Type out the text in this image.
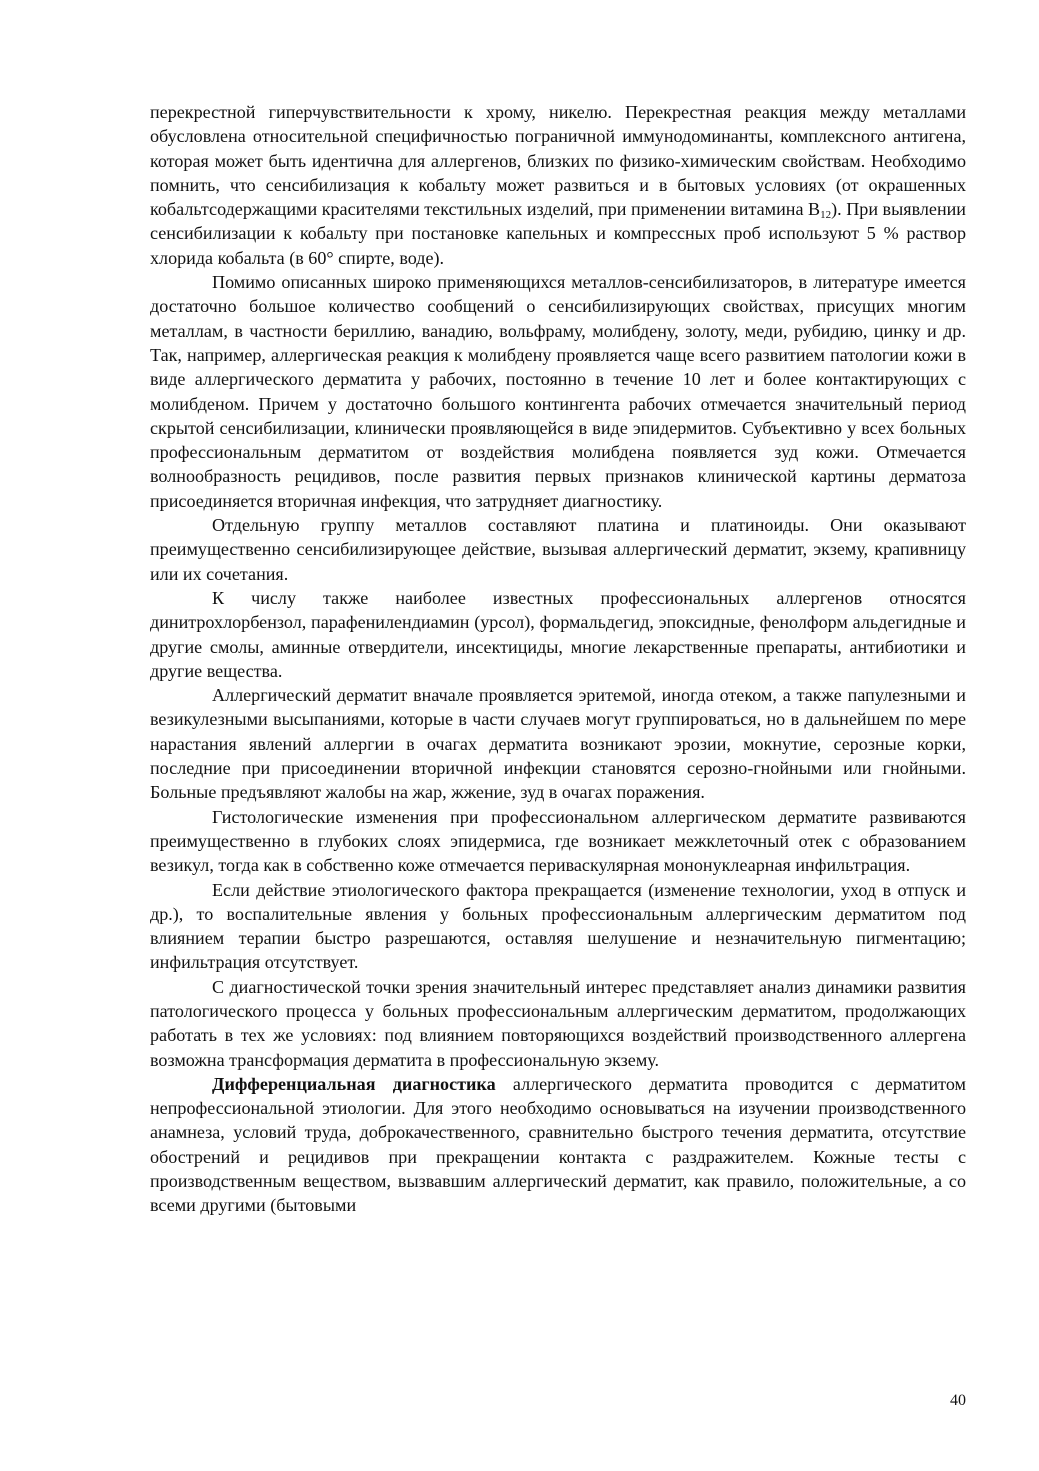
перекрестной гиперчувствительности к хрому, никелю. Перекрестная реакция между металлами обусловлена относительной специфичностью пограничной иммунодоминанты, комплексного антигена, которая может быть идентична для аллергенов, близких по физико-химическим свойствам. Необходимо помнить, что сенсибилизация к кобальту может развиться и в бытовых условиях (от окрашенных кобальтсодержащими красителями текстильных изделий, при применении витамина $В_{12}$). При выявлении сенсибилизации к кобальту при постановке капельных и компрессных проб используют 5 % раствор хлорида кобальта (в 60° спирте, воде).

Помимо описанных широко применяющихся металлов-сенсибилизаторов, в литературе имеется достаточно большое количество сообщений о сенсибилизирующих свойствах, присущих многим металлам, в частности бериллию, ванадию, вольфраму, молибдену, золоту, меди, рубидию, цинку и др. Так, например, аллергическая реакция к молибдену проявляется чаще всего развитием патологии кожи в виде аллергического дерматита у рабочих, постоянно в течение 10 лет и более контактирующих с молибденом. Причем у достаточно большого контингента рабочих отмечается значительный период скрытой сенсибилизации, клинически проявляющейся в виде эпидермитов. Субъективно у всех больных профессиональным дерматитом от воздействия молибдена появляется зуд кожи. Отмечается волнообразность рецидивов, после развития первых признаков клинической картины дерматоза присоединяется вторичная инфекция, что затрудняет диагностику.

Отдельную группу металлов составляют платина и платиноиды. Они оказывают преимущественно сенсибилизирующее действие, вызывая аллергический дерматит, экзему, крапивницу или их сочетания.

К числу также наиболее известных профессиональных аллергенов относятся динитрохлорбензол, парафенилендиамин (урсол), формальдегид, эпоксидные, фенолформ альдегидные и другие смолы, аминные отвердители, инсектициды, многие лекарственные препараты, антибиотики и другие вещества.

Аллергический дерматит вначале проявляется эритемой, иногда отеком, а также папулезными и везикулезными высыпаниями, которые в части случаев могут группироваться, но в дальнейшем по мере нарастания явлений аллергии в очагах дерматита возникают эрозии, мокнутие, серозные корки, последние при присоединении вторичной инфекции становятся серозно-гнойными или гнойными. Больные предъявляют жалобы на жар, жжение, зуд в очагах поражения.

Гистологические изменения при профессиональном аллергическом дерматите развиваются преимущественно в глубоких слоях эпидермиса, где возникает межклеточный отек с образованием везикул, тогда как в собственно коже отмечается периваскулярная мононуклеарная инфильтрация.

Если действие этиологического фактора прекращается (изменение технологии, уход в отпуск и др.), то воспалительные явления у больных профессиональным аллергическим дерматитом под влиянием терапии быстро разрешаются, оставляя шелушение и незначительную пигментацию; инфильтрация отсутствует.

С диагностической точки зрения значительный интерес представляет анализ динамики развития патологического процесса у больных профессиональным аллергическим дерматитом, продолжающих работать в тех же условиях: под влиянием повторяющихся воздействий производственного аллергена возможна трансформация дерматита в профессиональную экзему.

Дифференциальная диагностика аллергического дерматита проводится с дерматитом непрофессиональной этиологии. Для этого необходимо основываться на изучении производственного анамнеза, условий труда, доброкачественного, сравнительно быстрого течения дерматита, отсутствие обострений и рецидивов при прекращении контакта с раздражителем. Кожные тесты с производственным веществом, вызвавшим аллергический дерматит, как правило, положительные, а со всеми другими (бытовыми

40
